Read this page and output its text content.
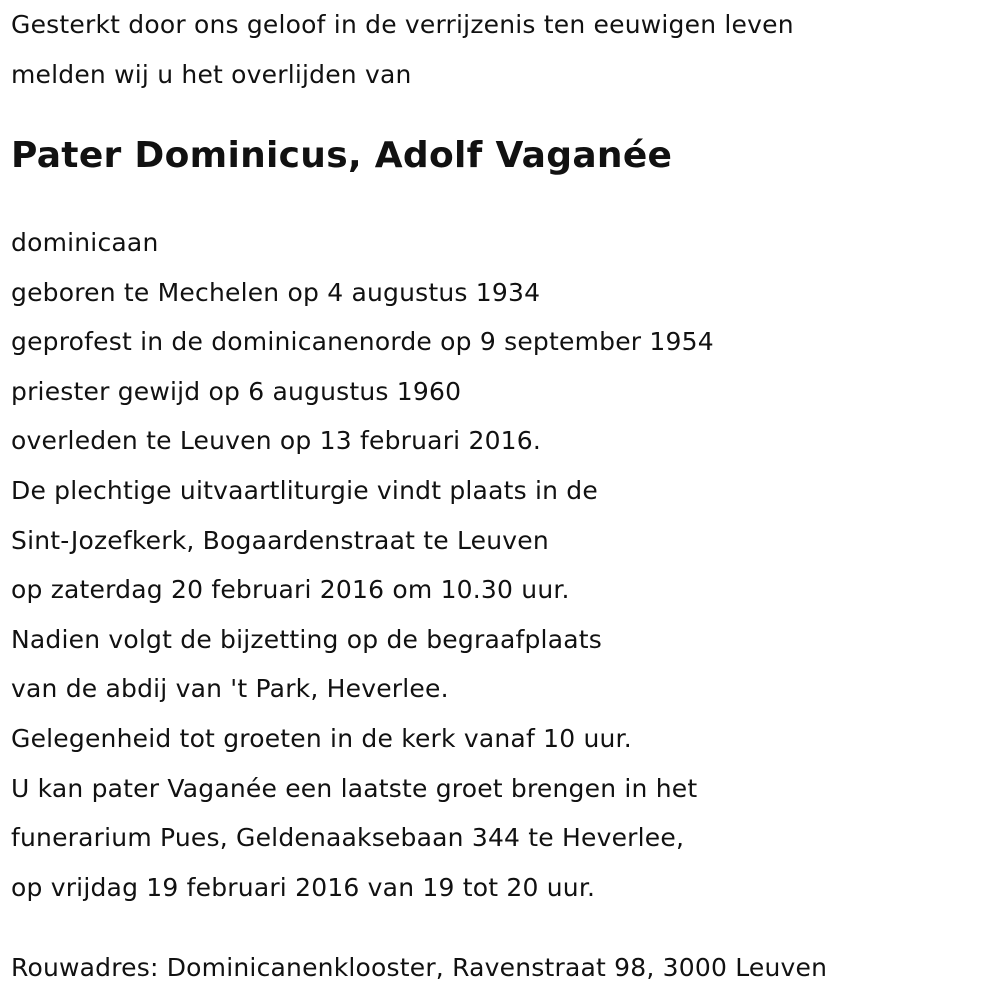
Gesterkt door ons geloof in de verrijzenis ten eeuwigen leven
melden wij u het overlijden van
Pater Dominicus, Adolf Vaganée
dominicaan
geboren te Mechelen op 4 augustus 1934
geprofest in de dominicanenorde op 9 september 1954
priester gewijd op 6 augustus 1960
overleden te Leuven op 13 februari 2016.
De plechtige uitvaartliturgie vindt plaats in de
Sint-Jozefkerk, Bogaardenstraat te Leuven
op zaterdag 20 februari 2016 om 10.30 uur.
Nadien volgt de bijzetting op de begraafplaats
van de abdij van 't Park, Heverlee.
Gelegenheid tot groeten in de kerk vanaf 10 uur.
U kan pater Vaganée een laatste groet brengen in het
funerarium Pues, Geldenaaksebaan 344 te Heverlee,
op vrijdag 19 februari 2016 van 19 tot 20 uur.
Rouwadres: Dominicanenklooster, Ravenstraat 98, 3000 Leuven
